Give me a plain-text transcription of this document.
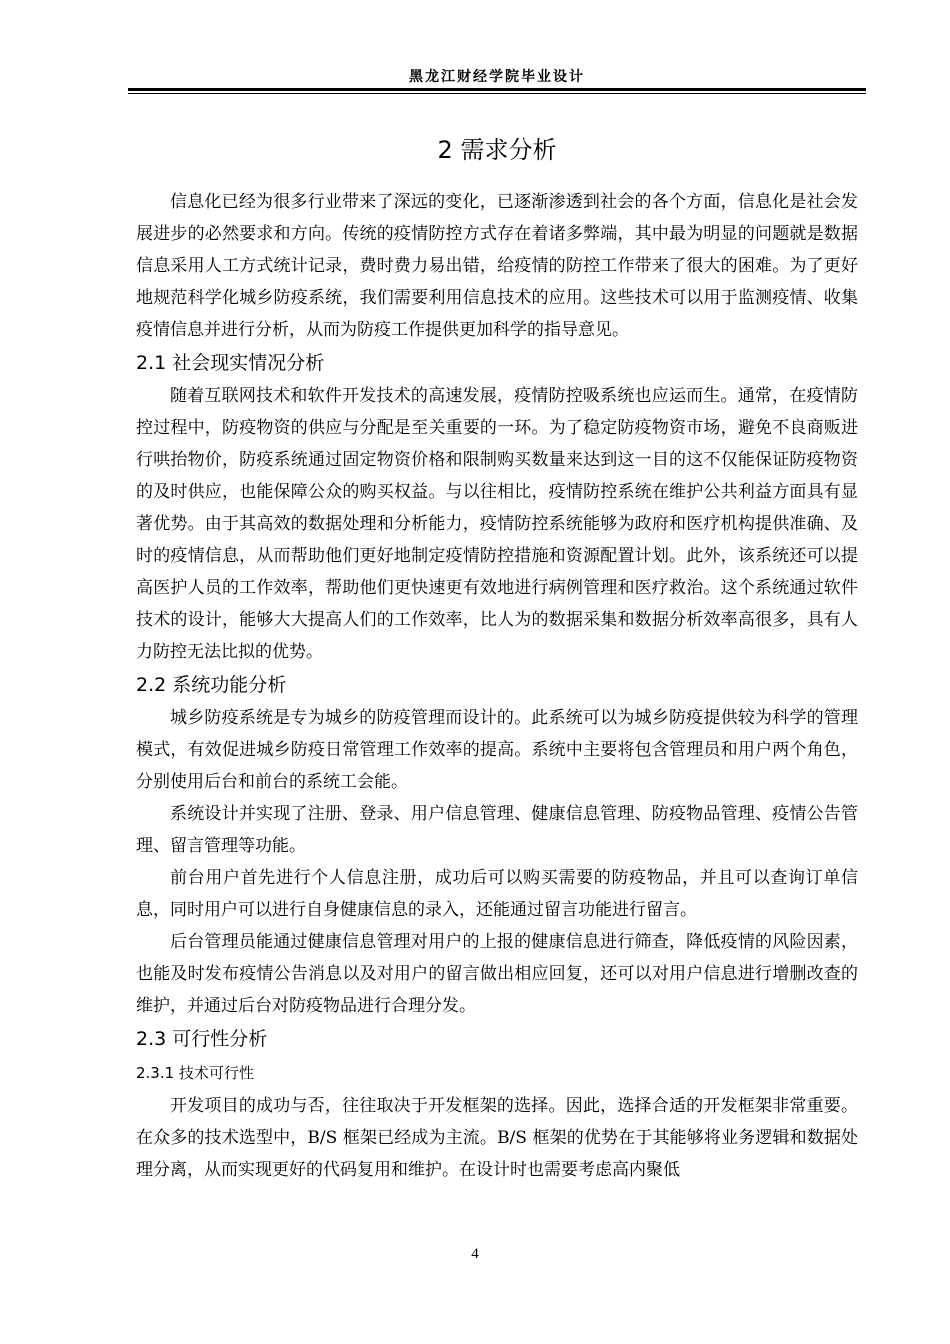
黑龙江财经学院毕业设计
2 需求分析

信息化已经为很多行业带来了深远的变化，已逐渐渗透到社会的各个方面，信息化是社会发展进步的必然要求和方向。传统的疫情防控方式存在着诸多弊端，其中最为明显的问题就是数据信息采用人工方式统计记录，费时费力易出错，给疫情的防控工作带来了很大的困难。为了更好地规范科学化城乡防疫系统，我们需要利用信息技术的应用。这些技术可以用于监测疫情、收集疫情信息并进行分析，从而为防疫工作提供更加科学的指导意见。

2.1 社会现实情况分析

随着互联网技术和软件开发技术的高速发展，疫情防控吸系统也应运而生。通常，在疫情防控过程中，防疫物资的供应与分配是至关重要的一环。为了稳定防疫物资市场，避免不良商贩进行哄抬物价，防疫系统通过固定物资价格和限制购买数量来达到这一目的这不仅能保证防疫物资的及时供应，也能保障公众的购买权益。与以往相比，疫情防控系统在维护公共利益方面具有显著优势。由于其高效的数据处理和分析能力，疫情防控系统能够为政府和医疗机构提供准确、及时的疫情信息，从而帮助他们更好地制定疫情防控措施和资源配置计划。此外，该系统还可以提高医护人员的工作效率，帮助他们更快速更有效地进行病例管理和医疗救治。这个系统通过软件技术的设计，能够大大提高人们的工作效率，比人为的数据采集和数据分析效率高很多，具有人力防控无法比拟的优势。

2.2 系统功能分析

城乡防疫系统是专为城乡的防疫管理而设计的。此系统可以为城乡防疫提供较为科学的管理模式，有效促进城乡防疫日常管理工作效率的提高。系统中主要将包含管理员和用户两个角色，分别使用后台和前台的系统工会能。

系统设计并实现了注册、登录、用户信息管理、健康信息管理、防疫物品管理、疫情公告管理、留言管理等功能。

前台用户首先进行个人信息注册，成功后可以购买需要的防疫物品，并且可以查询订单信息，同时用户可以进行自身健康信息的录入，还能通过留言功能进行留言。

后台管理员能通过健康信息管理对用户的上报的健康信息进行筛查，降低疫情的风险因素，也能及时发布疫情公告消息以及对用户的留言做出相应回复，还可以对用户信息进行增删改查的维护，并通过后台对防疫物品进行合理分发。

2.3 可行性分析
2.3.1 技术可行性

开发项目的成功与否，往往取决于开发框架的选择。因此，选择合适的开发框架非常重要。在众多的技术选型中，B/S 框架已经成为主流。B/S 框架的优势在于其能够将业务逻辑和数据处理分离，从而实现更好的代码复用和维护。在设计时也需要考虑高内聚低

4
